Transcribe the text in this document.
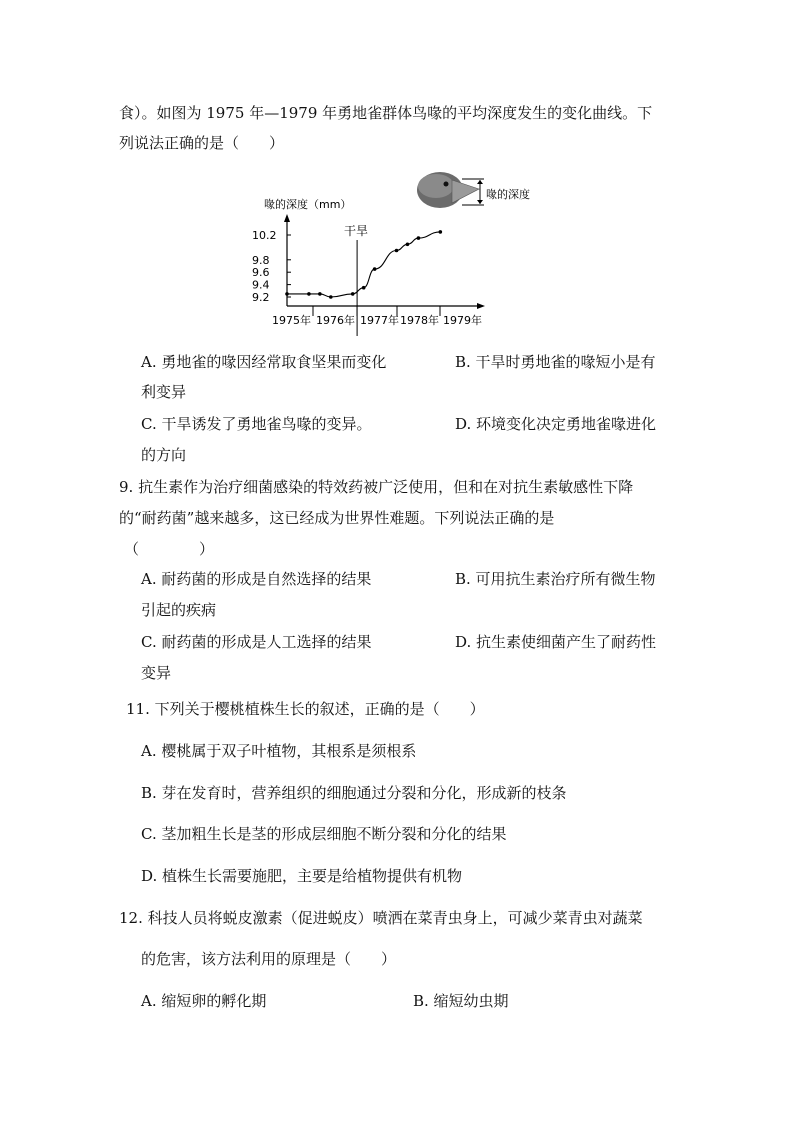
食）。如图为 1975 年—1979 年勇地雀群体鸟喙的平均深度发生的变化曲线。下
列说法正确的是（　　）
喙的深度
喙的深度（mm）
干旱
10.2
9.8
9.6
9.4
9.2
1975年 1976年 1977年 1978年 1979年
A. 勇地雀的喙因经常取食坚果而变化	B. 干旱时勇地雀的喙短小是有
利变异
C. 干旱诱发了勇地雀鸟喙的变异。	D. 环境变化决定勇地雀喙进化
的方向
9. 抗生素作为治疗细菌感染的特效药被广泛使用，但和在对抗生素敏感性下降
的“耐药菌”越来越多，这已经成为世界性难题。下列说法正确的是
（　　　　）
A. 耐药菌的形成是自然选择的结果	B. 可用抗生素治疗所有微生物
引起的疾病
C. 耐药菌的形成是人工选择的结果	D. 抗生素使细菌产生了耐药性
变异
11. 下列关于樱桃植株生长的叙述，正确的是（　　）
A. 樱桃属于双子叶植物，其根系是须根系
B. 芽在发育时，营养组织的细胞通过分裂和分化，形成新的枝条
C. 茎加粗生长是茎的形成层细胞不断分裂和分化的结果
D. 植株生长需要施肥，主要是给植物提供有机物
12. 科技人员将蜕皮激素（促进蜕皮）喷洒在菜青虫身上，可减少菜青虫对蔬菜
的危害，该方法利用的原理是（　　）
A. 缩短卵的孵化期	B. 缩短幼虫期
